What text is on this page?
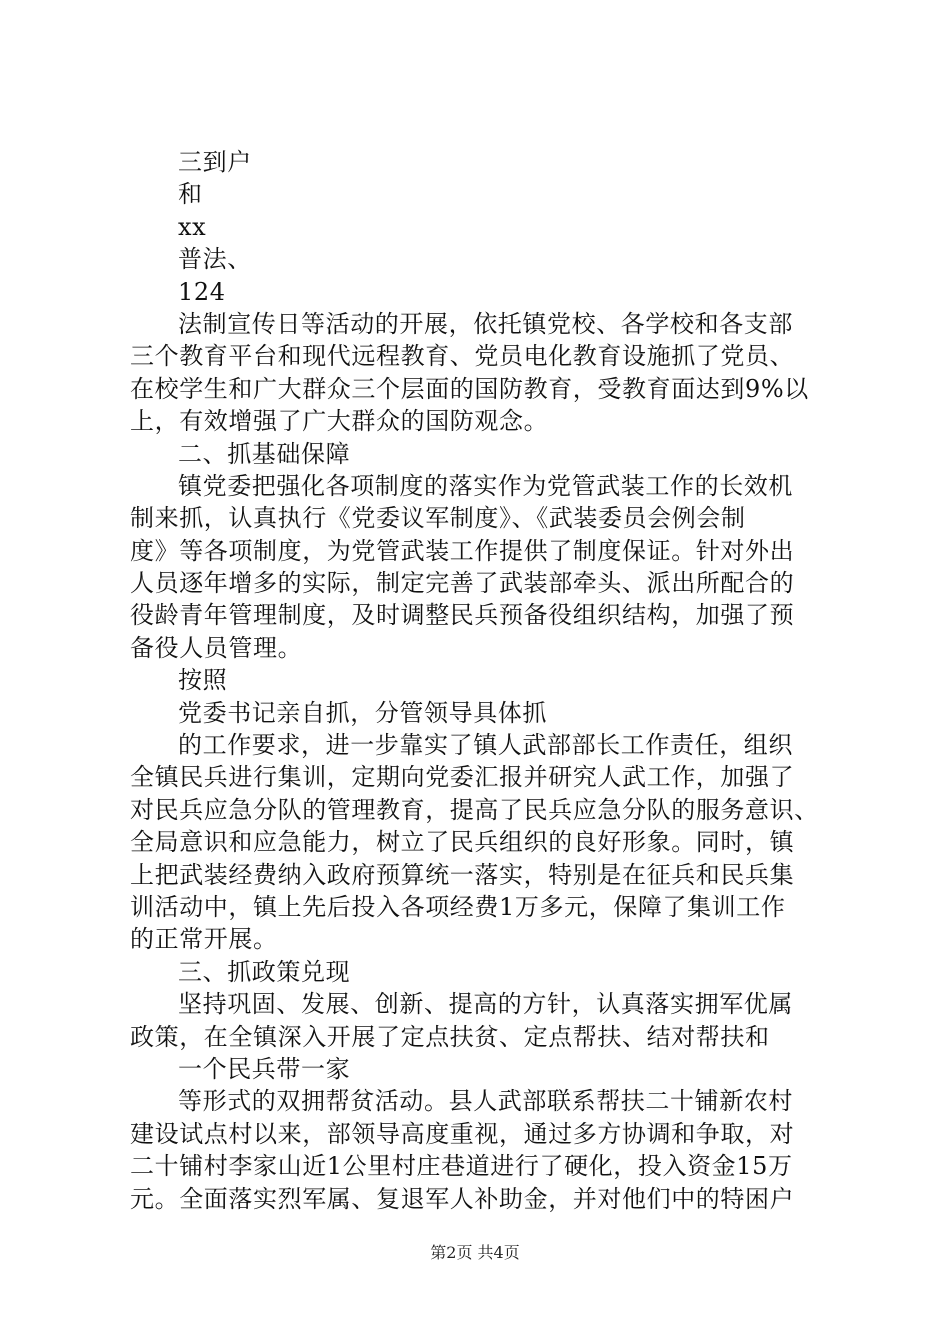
三到户
和
xx
普法、
124
法制宣传日等活动的开展，依托镇党校、各学校和各支部
三个教育平台和现代远程教育、党员电化教育设施抓了党员、
在校学生和广大群众三个层面的国防教育，受教育面达到9%以
上，有效增强了广大群众的国防观念。
二、抓基础保障
镇党委把强化各项制度的落实作为党管武装工作的长效机
制来抓，认真执行《党委议军制度》、《武装委员会例会制
度》等各项制度，为党管武装工作提供了制度保证。针对外出
人员逐年增多的实际，制定完善了武装部牵头、派出所配合的
役龄青年管理制度，及时调整民兵预备役组织结构，加强了预
备役人员管理。
按照
党委书记亲自抓，分管领导具体抓
的工作要求，进一步靠实了镇人武部部长工作责任，组织
全镇民兵进行集训，定期向党委汇报并研究人武工作，加强了
对民兵应急分队的管理教育，提高了民兵应急分队的服务意识、
全局意识和应急能力，树立了民兵组织的良好形象。同时，镇
上把武装经费纳入政府预算统一落实，特别是在征兵和民兵集
训活动中，镇上先后投入各项经费1万多元，保障了集训工作
的正常开展。
三、抓政策兑现
坚持巩固、发展、创新、提高的方针，认真落实拥军优属
政策，在全镇深入开展了定点扶贫、定点帮扶、结对帮扶和
一个民兵带一家
等形式的双拥帮贫活动。县人武部联系帮扶二十铺新农村
建设试点村以来，部领导高度重视，通过多方协调和争取，对
二十铺村李家山近1公里村庄巷道进行了硬化，投入资金15万
元。全面落实烈军属、复退军人补助金，并对他们中的特困户
第2页 共4页
